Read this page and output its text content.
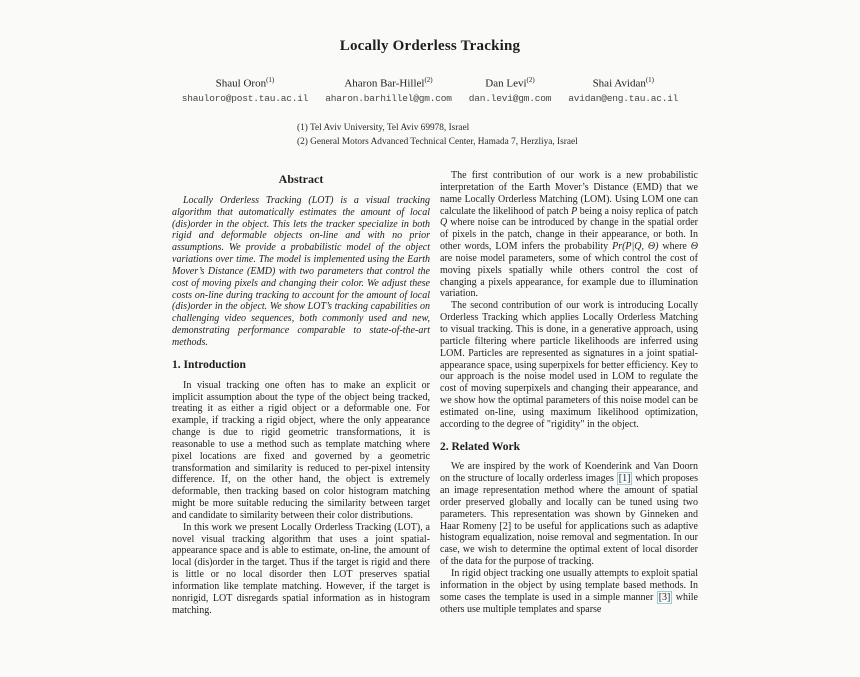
Locally Orderless Tracking
Shaul Oron$^{(1)}$
shauloro@post.tau.ac.il
Aharon Bar-Hillel$^{(2)}$
aharon.barhillel@gm.com
Dan Levi$^{(2)}$
dan.levi@gm.com
Shai Avidan$^{(1)}$
avidan@eng.tau.ac.il
(1) Tel Aviv University, Tel Aviv 69978, Israel
(2) General Motors Advanced Technical Center, Hamada 7, Herzliya, Israel
Abstract

Locally Orderless Tracking (LOT) is a visual tracking algorithm that automatically estimates the amount of local (dis)order in the object. This lets the tracker specialize in both rigid and deformable objects on-line and with no prior assumptions. We provide a probabilistic model of the object variations over time. The model is implemented using the Earth Mover’s Distance (EMD) with two parameters that control the cost of moving pixels and changing their color. We adjust these costs on-line during tracking to account for the amount of local (dis)order in the object. We show LOT’s tracking capabilities on challenging video sequences, both commonly used and new, demonstrating performance comparable to state-of-the-art methods.

1. Introduction

In visual tracking one often has to make an explicit or implicit assumption about the type of the object being tracked, treating it as either a rigid object or a deformable one. For example, if tracking a rigid object, where the only appearance change is due to rigid geometric transformations, it is reasonable to use a method such as template matching where pixel locations are fixed and governed by a geometric transformation and similarity is reduced to per-pixel intensity difference. If, on the other hand, the object is extremely deformable, then tracking based on color histogram matching might be more suitable reducing the similarity between target and candidate to similarity between their color distributions.

In this work we present Locally Orderless Tracking (LOT), a novel visual tracking algorithm that uses a joint spatial-appearance space and is able to estimate, on-line, the amount of local (dis)order in the target. Thus if the target is rigid and there is little or no local disorder then LOT preserves spatial information like template matching. However, if the target is nonrigid, LOT disregards spatial information as in histogram matching.

The first contribution of our work is a new probabilistic interpretation of the Earth Mover’s Distance (EMD) that we name Locally Orderless Matching (LOM). Using LOM one can calculate the likelihood of patch P being a noisy replica of patch Q where noise can be introduced by change in the spatial order of pixels in the patch, change in their appearance, or both. In other words, LOM infers the probability Pr(P|Q, Θ) where Θ are noise model parameters, some of which control the cost of moving pixels spatially while others control the cost of changing a pixels appearance, for example due to illumination variation.

The second contribution of our work is introducing Locally Orderless Tracking which applies Locally Orderless Matching to visual tracking. This is done, in a generative approach, using particle filtering where particle likelihoods are inferred using LOM. Particles are represented as signatures in a joint spatial-appearance space, using superpixels for better efficiency. Key to our approach is the noise model used in LOM to regulate the cost of moving superpixels and changing their appearance, and we show how the optimal parameters of this noise model can be estimated on-line, using maximum likelihood optimization, according to the degree of "rigidity" in the object.

2. Related Work

We are inspired by the work of Koenderink and Van Doorn on the structure of locally orderless images [1] which proposes an image representation method where the amount of spatial order preserved globally and locally can be tuned using two parameters. This representation was shown by Ginneken and Haar Romeny [2] to be useful for applications such as adaptive histogram equalization, noise removal and segmentation. In our case, we wish to determine the optimal extent of local disorder of the data for the purpose of tracking.

In rigid object tracking one usually attempts to exploit spatial information in the object by using template based methods. In some cases the template is used in a simple manner [3] while others use multiple templates and sparse
